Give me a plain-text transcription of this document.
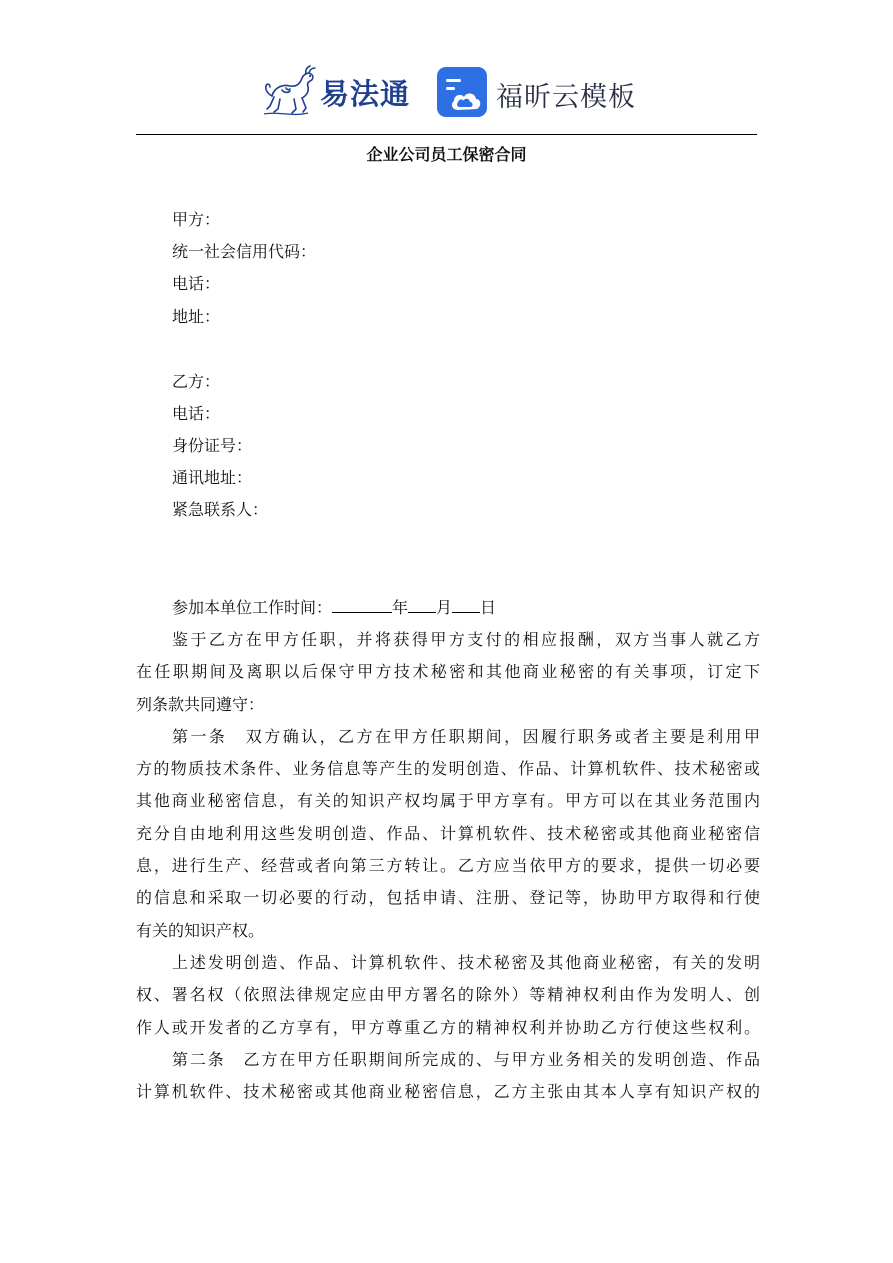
易法通	福昕云模板
企业公司员工保密合同
甲方：
统一社会信用代码：
电话：
地址：
乙方：
电话：
身份证号：
通讯地址：
紧急联系人：
参加本单位工作时间：	年 月 日
鉴于乙方在甲方任职，并将获得甲方支付的相应报酬，双方当事人就乙方
在任职期间及离职以后保守甲方技术秘密和其他商业秘密的有关事项，订定下
列条款共同遵守：
第一条　双方确认，乙方在甲方任职期间，因履行职务或者主要是利用甲
方的物质技术条件、业务信息等产生的发明创造、作品、计算机软件、技术秘密或
其他商业秘密信息，有关的知识产权均属于甲方享有。甲方可以在其业务范围内
充分自由地利用这些发明创造、作品、计算机软件、技术秘密或其他商业秘密信
息，进行生产、经营或者向第三方转让。乙方应当依甲方的要求，提供一切必要
的信息和采取一切必要的行动，包括申请、注册、登记等，协助甲方取得和行使
有关的知识产权。
上述发明创造、作品、计算机软件、技术秘密及其他商业秘密，有关的发明
权、署名权（依照法律规定应由甲方署名的除外）等精神权利由作为发明人、创
作人或开发者的乙方享有，甲方尊重乙方的精神权利并协助乙方行使这些权利。
第二条　乙方在甲方任职期间所完成的、与甲方业务相关的发明创造、作品
计算机软件、技术秘密或其他商业秘密信息，乙方主张由其本人享有知识产权的
